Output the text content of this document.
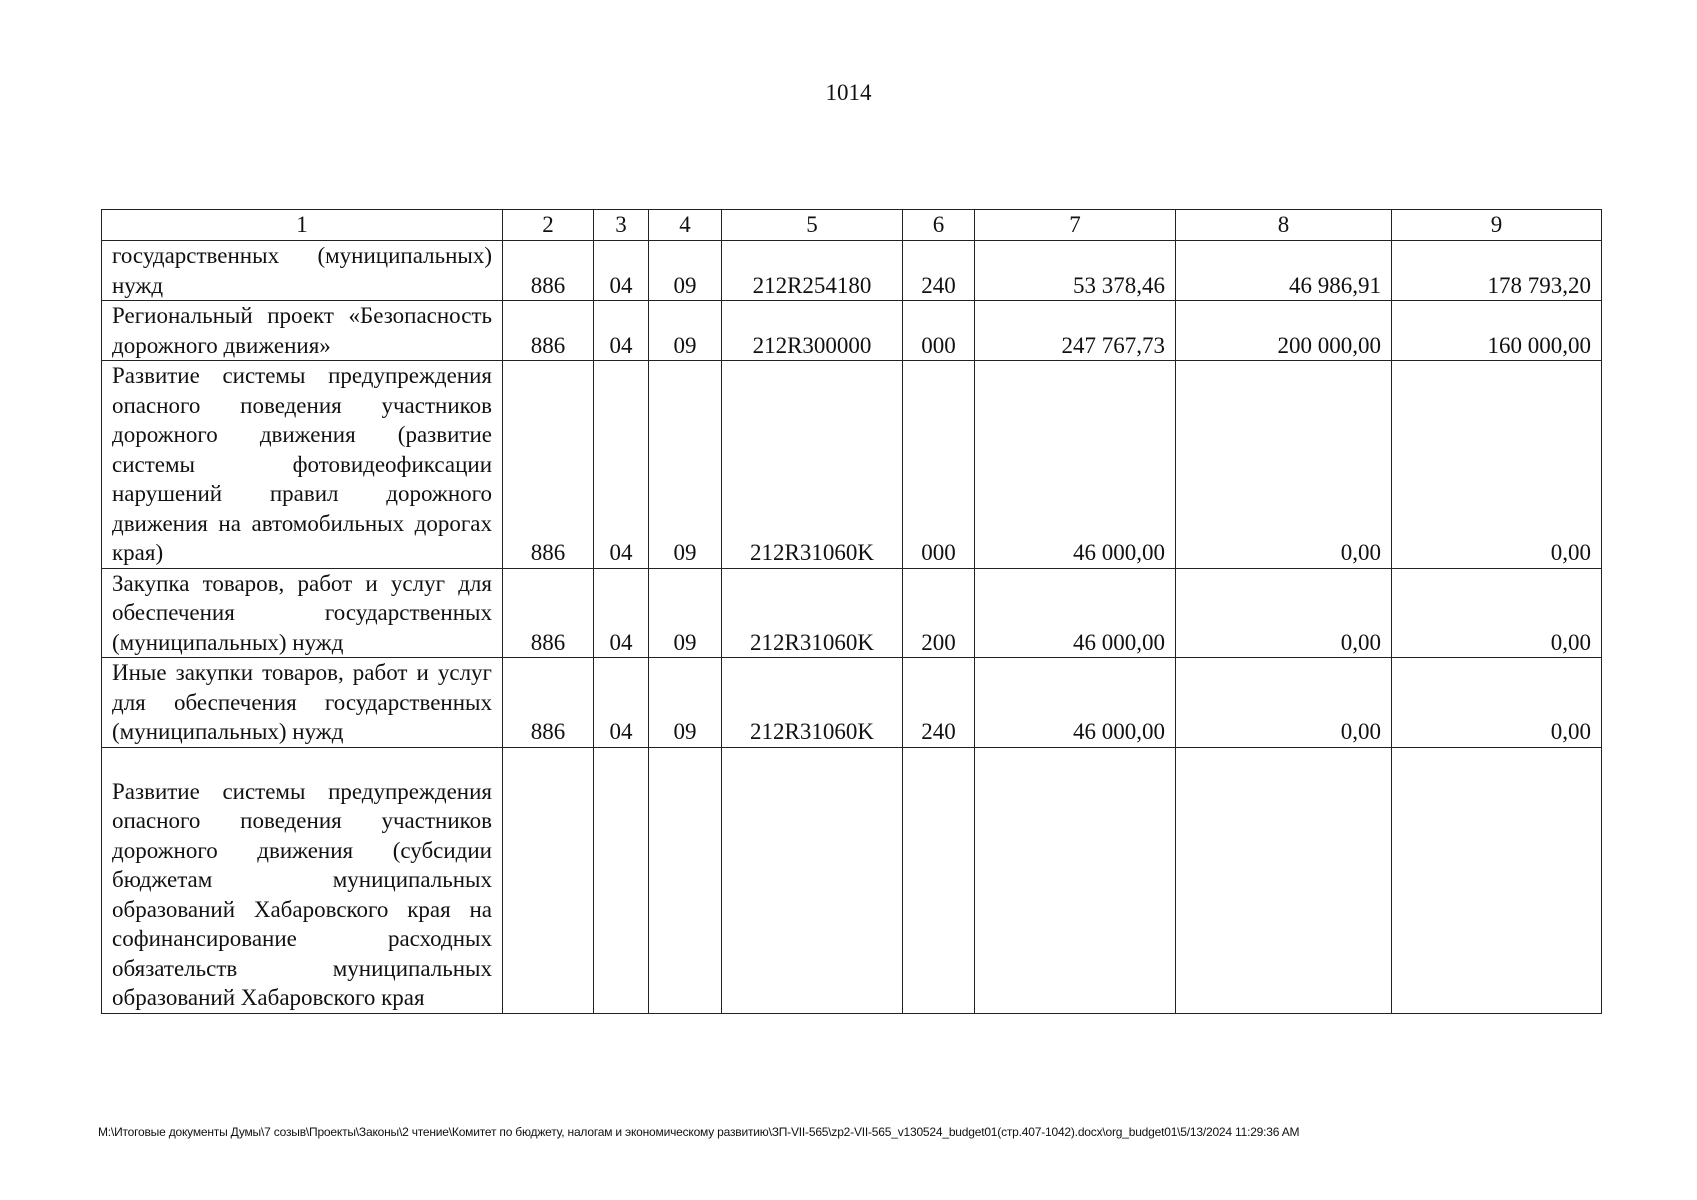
1014
1	2	3	4	5	6	7	8	9
государственных (муниципальных) нужд	886	04	09	212R254180	240	53 378,46	46 986,91	178 793,20
Региональный проект «Безопасность дорожного движения»	886	04	09	212R300000	000	247 767,73	200 000,00	160 000,00
Развитие системы предупреждения опасного поведения участников дорожного движения (развитие системы фотовидеофиксации нарушений правил дорожного движения на автомобильных дорогах края)	886	04	09	212R31060K	000	46 000,00	0,00	0,00
Закупка товаров, работ и услуг для обеспечения государственных (муниципальных) нужд	886	04	09	212R31060K	200	46 000,00	0,00	0,00
Иные закупки товаров, работ и услуг для обеспечения государственных (муниципальных) нужд	886	04	09	212R31060K	240	46 000,00	0,00	0,00
Развитие системы предупреждения опасного поведения участников дорожного движения (субсидии бюджетам муниципальных образований Хабаровского края на софинансирование расходных обязательств муниципальных образований Хабаровского края								
M:\Итоговые документы Думы\7 созыв\Проекты\Законы\2 чтение\Комитет по бюджету, налогам и экономическому развитию\ЗП-VII-565\zp2-VII-565_v130524_budget01(стр.407-1042).docx\org_budget01\5/13/2024 11:29:36 AM
